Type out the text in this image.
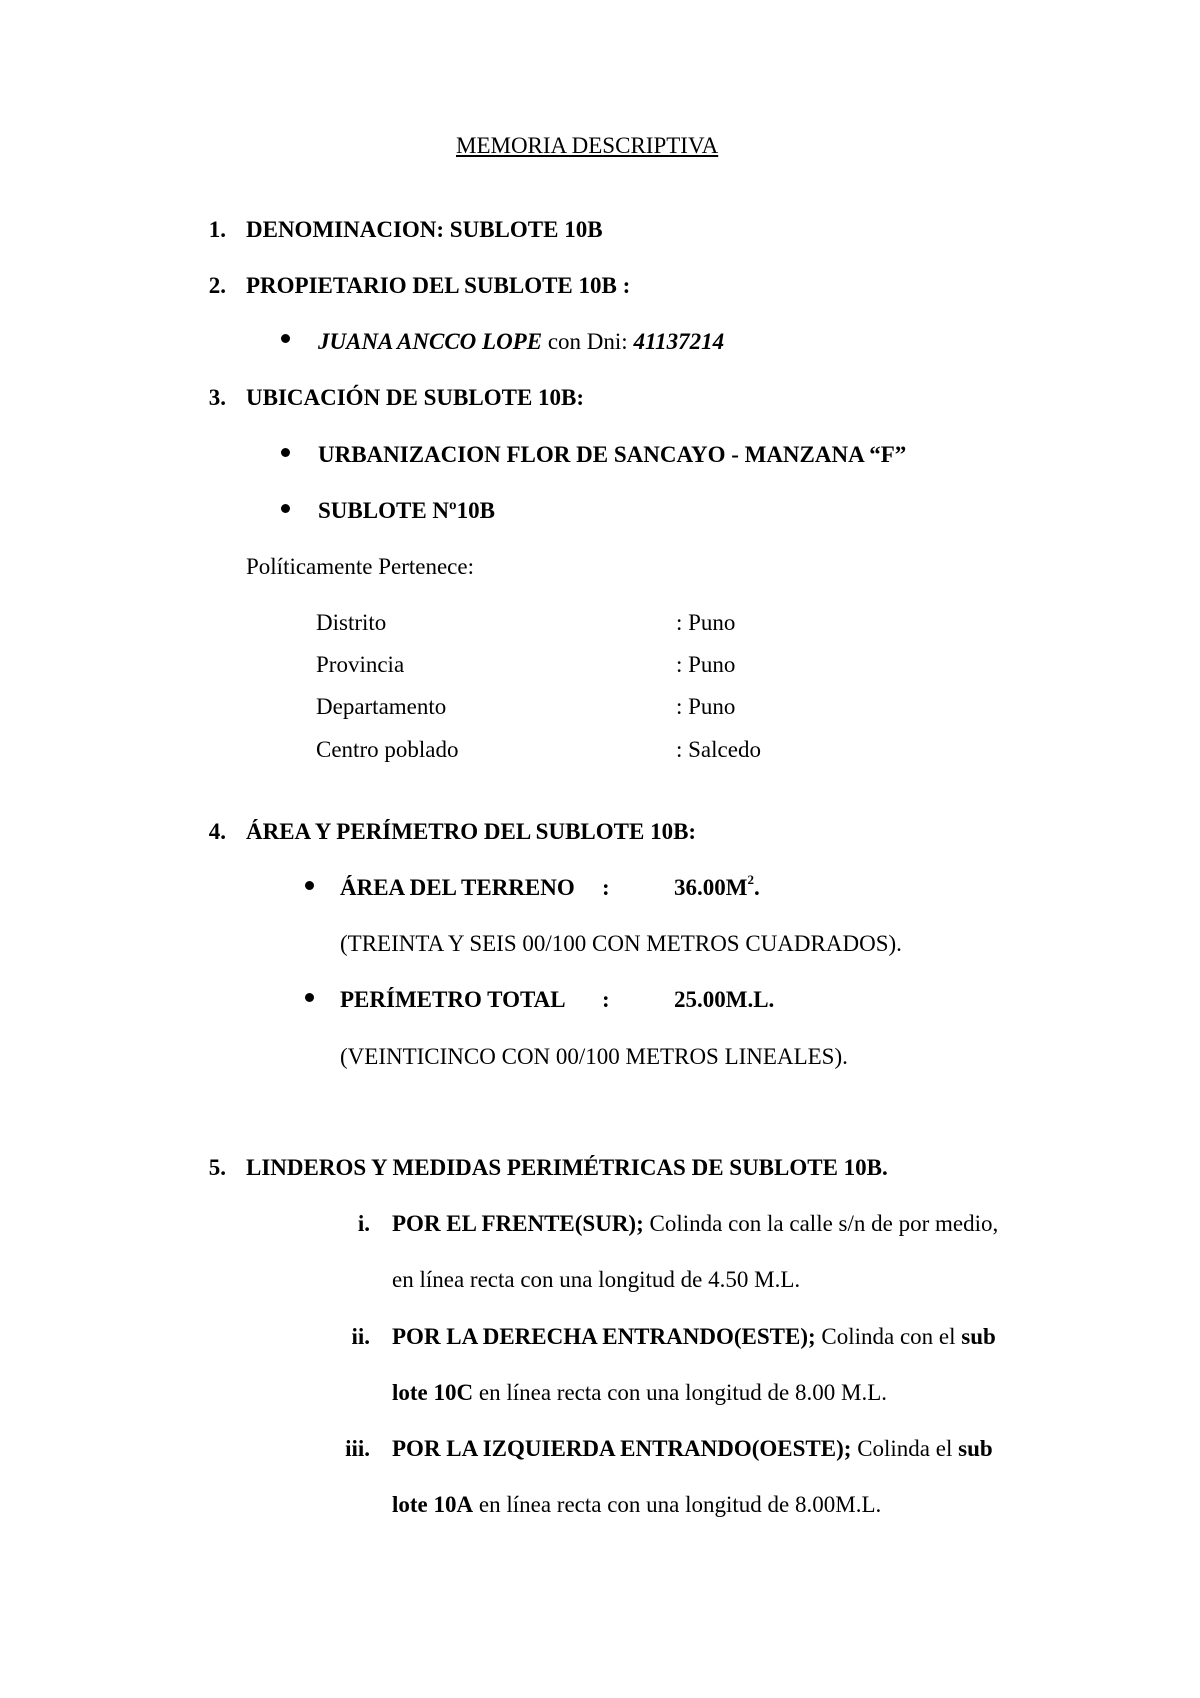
MEMORIA DESCRIPTIVA
1. DENOMINACION: SUBLOTE 10B
2. PROPIETARIO DEL SUBLOTE 10B :
JUANA ANCCO LOPE con Dni: 41137214
3. UBICACIÓN DE SUBLOTE 10B:
URBANIZACION FLOR DE SANCAYO - MANZANA “F”
SUBLOTE Nº10B
Políticamente Pertenece:
Distrito	: Puno
Provincia	: Puno
Departamento	: Puno
Centro poblado	: Salcedo
4. ÁREA Y PERÍMETRO DEL SUBLOTE 10B:
ÁREA DEL TERRENO :	$36.00M^2$.
(TREINTA Y SEIS 00/100 CON METROS CUADRADOS).
PERÍMETRO TOTAL :	25.00M.L.
(VEINTICINCO CON 00/100 METROS LINEALES).
5. LINDEROS Y MEDIDAS PERIMÉTRICAS DE SUBLOTE 10B.
i. POR EL FRENTE(SUR); Colinda con la calle s/n de por medio,
en línea recta con una longitud de 4.50 M.L.
ii. POR LA DERECHA ENTRANDO(ESTE); Colinda con el sub
lote 10C en línea recta con una longitud de 8.00 M.L.
iii. POR LA IZQUIERDA ENTRANDO(OESTE); Colinda el sub
lote 10A en línea recta con una longitud de 8.00M.L.
